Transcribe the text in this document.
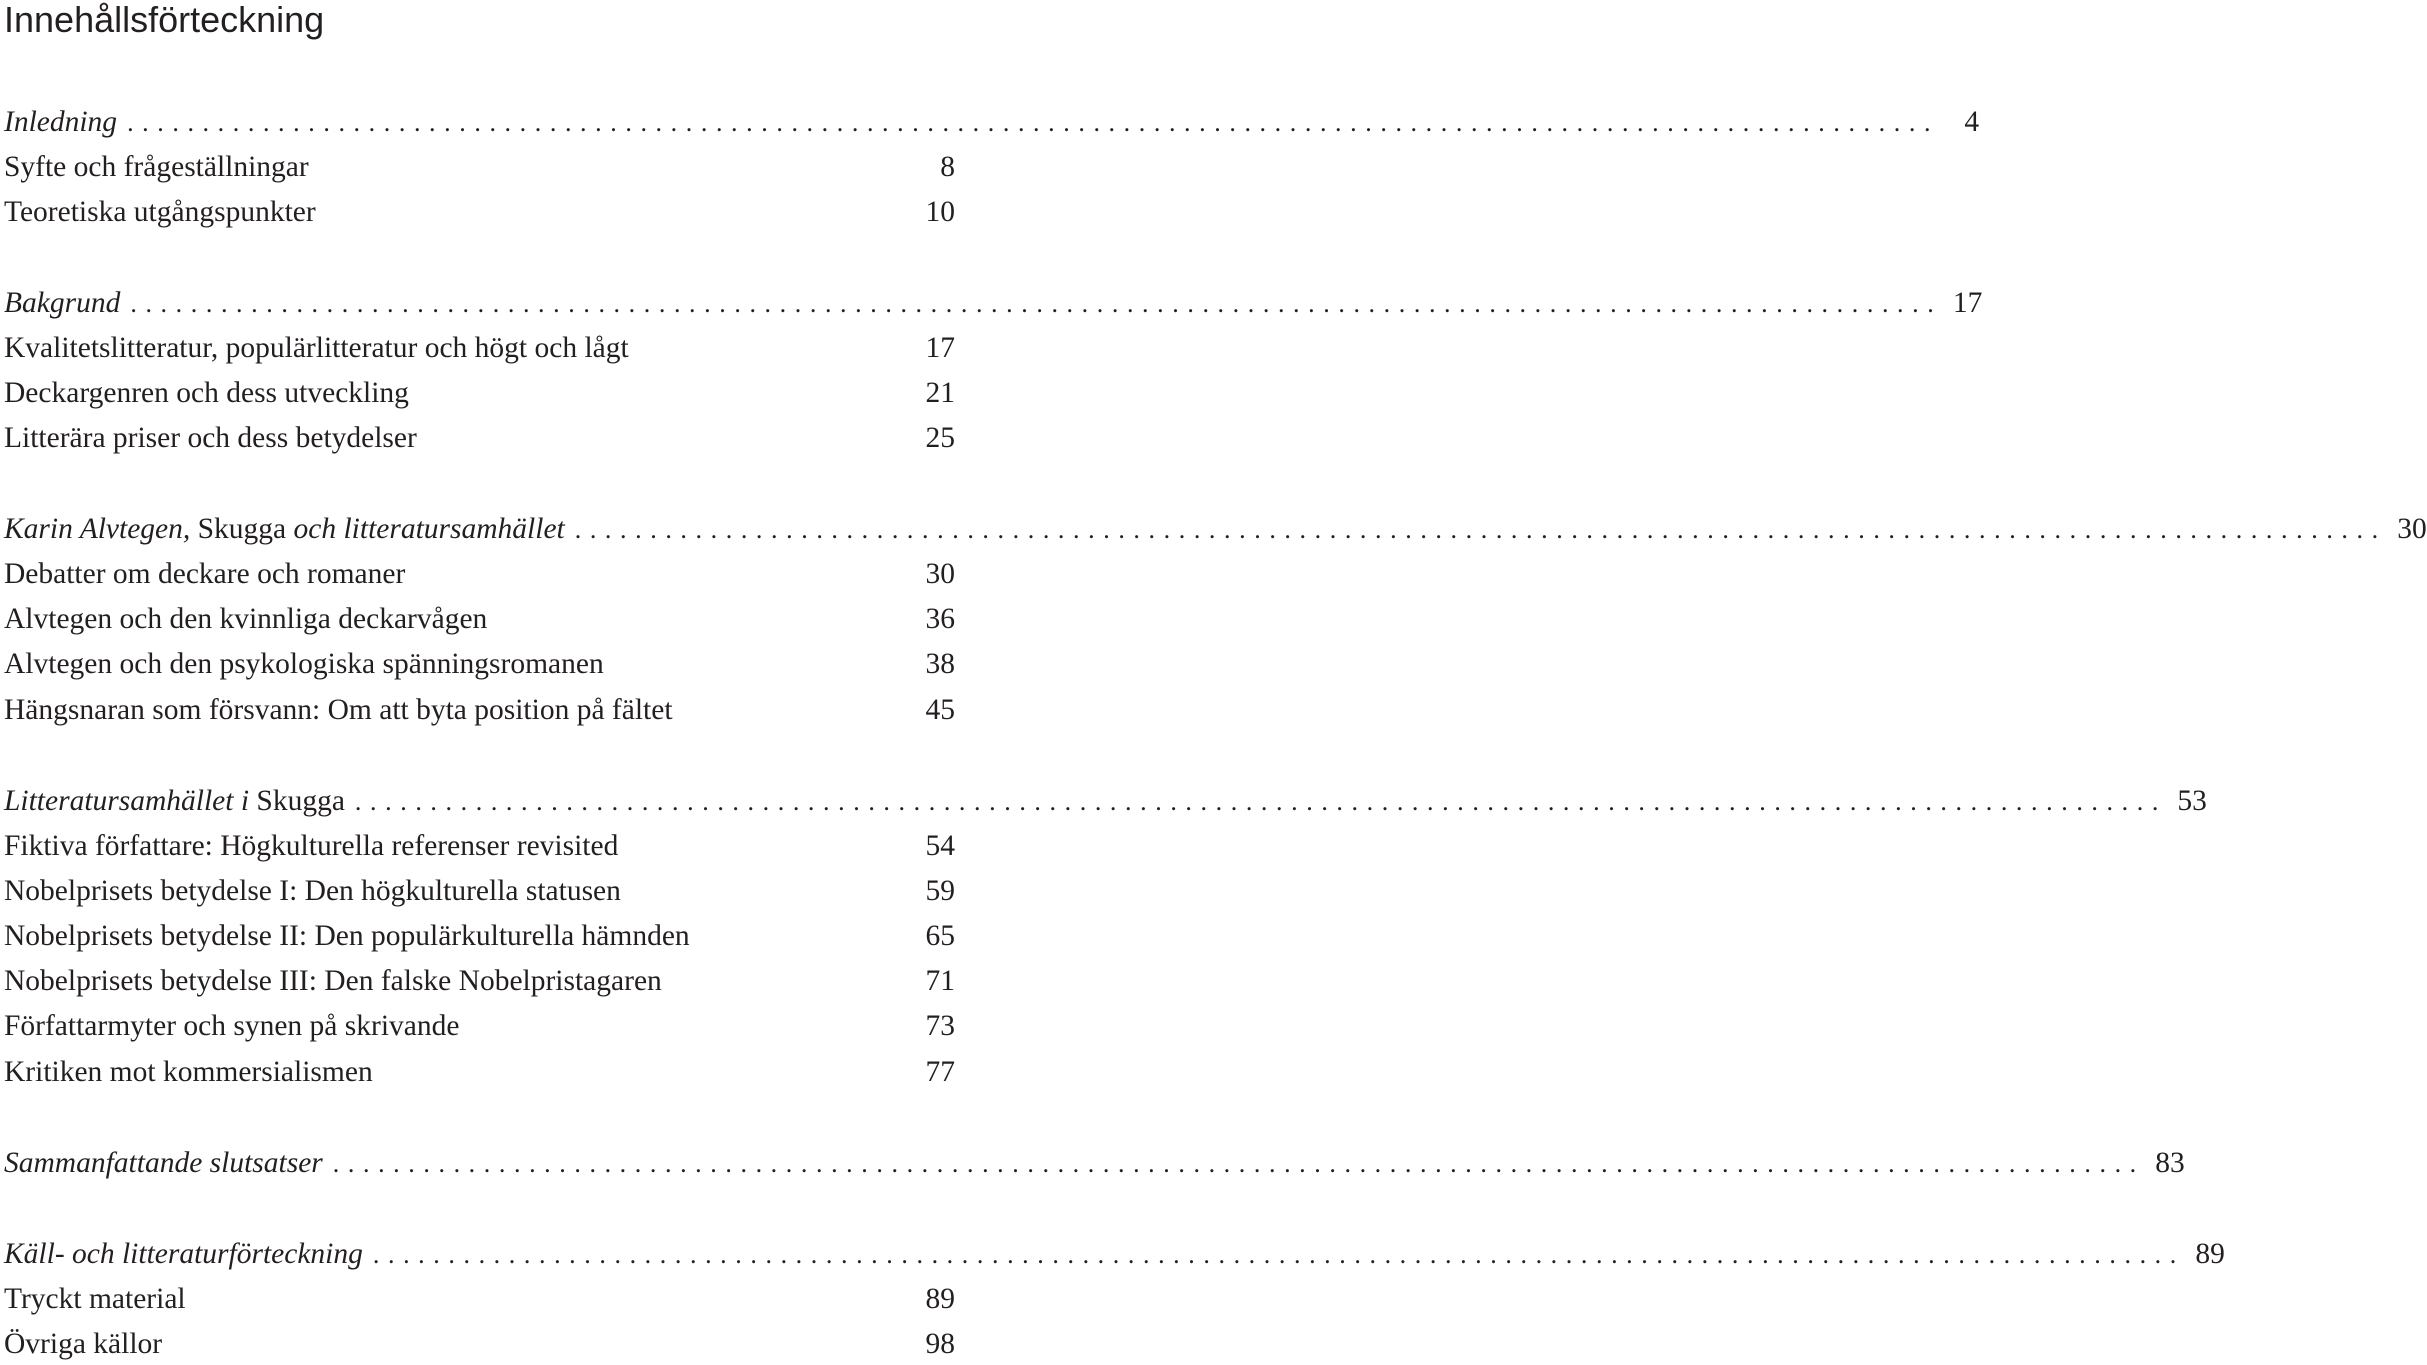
Innehållsförteckning
Inledning ........................................................................................................................ 4
Syfte och frågeställningar	8
Teoretiska utgångspunkter	10
Bakgrund ........................................................................................................................ 17
Kvalitetslitteratur, populärlitteratur och högt och lågt	17
Deckargenren och dess utveckling	21
Litterära priser och dess betydelser	25
Karin Alvtegen, Skugga och litteratursamhället ........................................................................................................................ 30
Debatter om deckare och romaner	30
Alvtegen och den kvinnliga deckarvågen	36
Alvtegen och den psykologiska spänningsromanen	38
Hängsnaran som försvann: Om att byta position på fältet	45
Litteratursamhället i Skugga ........................................................................................................................ 53
Fiktiva författare: Högkulturella referenser revisited	54
Nobelprisets betydelse I: Den högkulturella statusen	59
Nobelprisets betydelse II: Den populärkulturella hämnden	65
Nobelprisets betydelse III: Den falske Nobelpristagaren	71
Författarmyter och synen på skrivande	73
Kritiken mot kommersialismen	77
Sammanfattande slutsatser ........................................................................................................................ 83
Käll- och litteraturförteckning ........................................................................................................................ 89
Tryckt material	89
Övriga källor	98
